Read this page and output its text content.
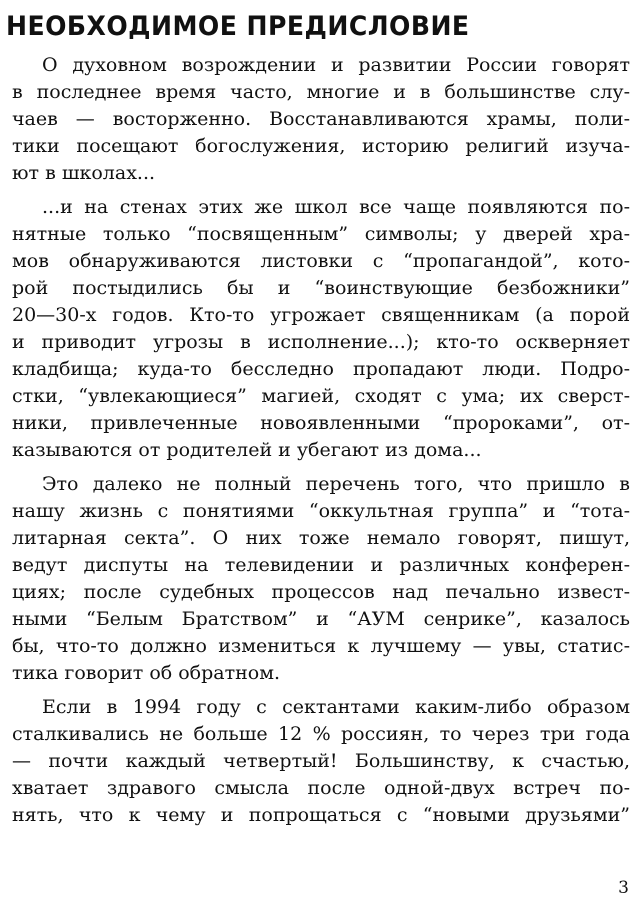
НЕОБХОДИМОЕ ПРЕДИСЛОВИЕ
О духовном возрождении и развитии России говорят
в последнее время часто, многие и в большинстве слу-
чаев — восторженно. Восстанавливаются храмы, поли-
тики посещают богослужения, историю религий изуча-
ют в школах...
...и на стенах этих же школ все чаще появляются по-
нятные только “посвященным” символы; у дверей хра-
мов обнаруживаются листовки с “пропагандой”, кото-
рой постыдились бы и “воинствующие безбожники”
20—30-х годов. Кто-то угрожает священникам (а порой
и приводит угрозы в исполнение...); кто-то оскверняет
кладбища; куда-то бесследно пропадают люди. Подро-
стки, “увлекающиеся” магией, сходят с ума; их сверст-
ники, привлеченные новоявленными “пророками”, от-
казываются от родителей и убегают из дома...
Это далеко не полный перечень того, что пришло в
нашу жизнь с понятиями “оккультная группа” и “тота-
литарная секта”. О них тоже немало говорят, пишут,
ведут диспуты на телевидении и различных конферен-
циях; после судебных процессов над печально извест-
ными “Белым Братством” и “АУМ сенрике”, казалось
бы, что-то должно измениться к лучшему — увы, статис-
тика говорит об обратном.
Если в 1994 году с сектантами каким-либо образом
сталкивались не больше 12 % россиян, то через три года
— почти каждый четвертый! Большинству, к счастью,
хватает здравого смысла после одной-двух встреч по-
нять, что к чему и попрощаться с “новыми друзьями”
3
